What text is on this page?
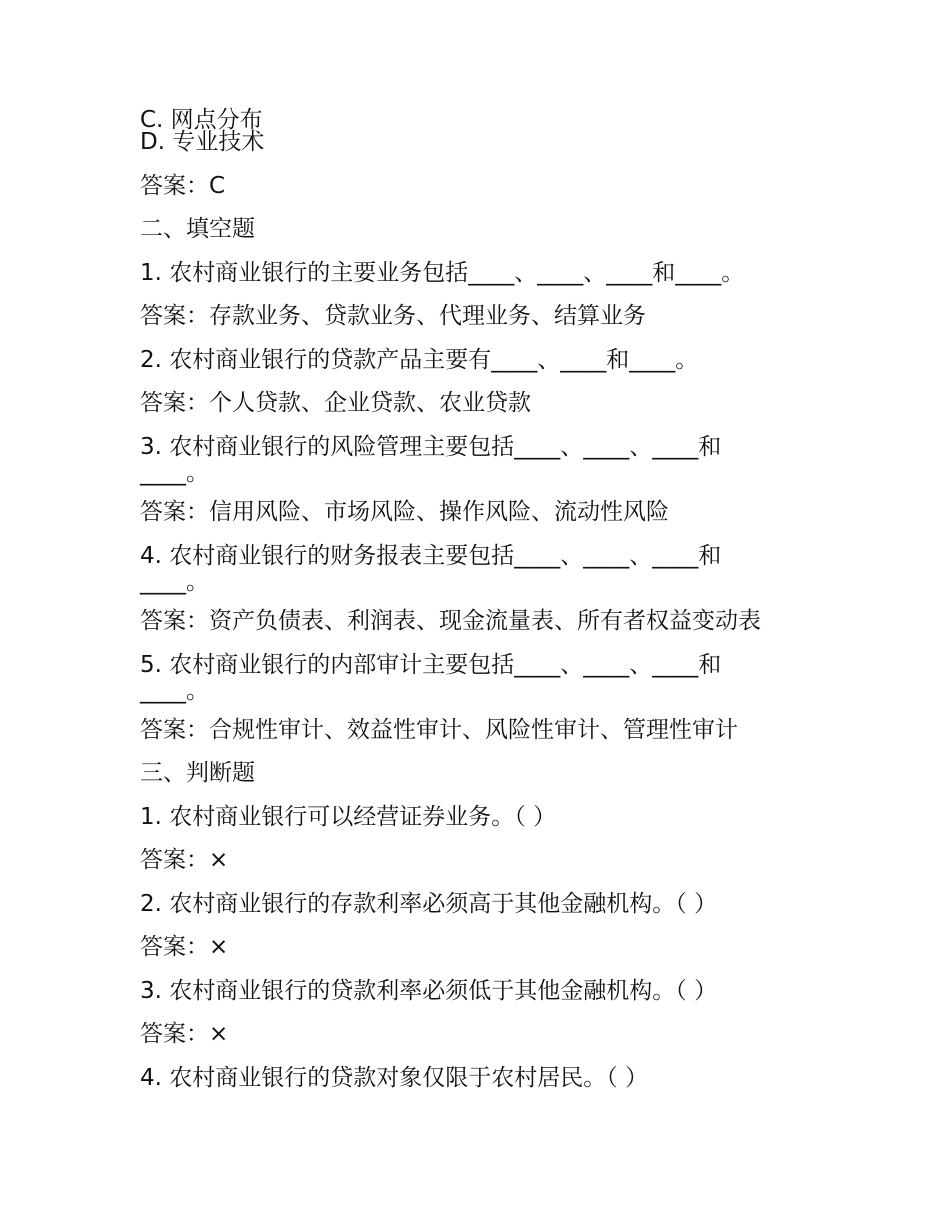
C. 网点分布
D. 专业技术
答案：C
二、填空题
1. 农村商业银行的主要业务包括____、____、____和____。
答案：存款业务、贷款业务、代理业务、结算业务
2. 农村商业银行的贷款产品主要有____、____和____。
答案：个人贷款、企业贷款、农业贷款
3. 农村商业银行的风险管理主要包括____、____、____和
____。
答案：信用风险、市场风险、操作风险、流动性风险
4. 农村商业银行的财务报表主要包括____、____、____和
____。
答案：资产负债表、利润表、现金流量表、所有者权益变动表
5. 农村商业银行的内部审计主要包括____、____、____和
____。
答案：合规性审计、效益性审计、风险性审计、管理性审计
三、判断题
1. 农村商业银行可以经营证券业务。（ ）
答案：×
2. 农村商业银行的存款利率必须高于其他金融机构。（ ）
答案：×
3. 农村商业银行的贷款利率必须低于其他金融机构。（ ）
答案：×
4. 农村商业银行的贷款对象仅限于农村居民。（ ）
